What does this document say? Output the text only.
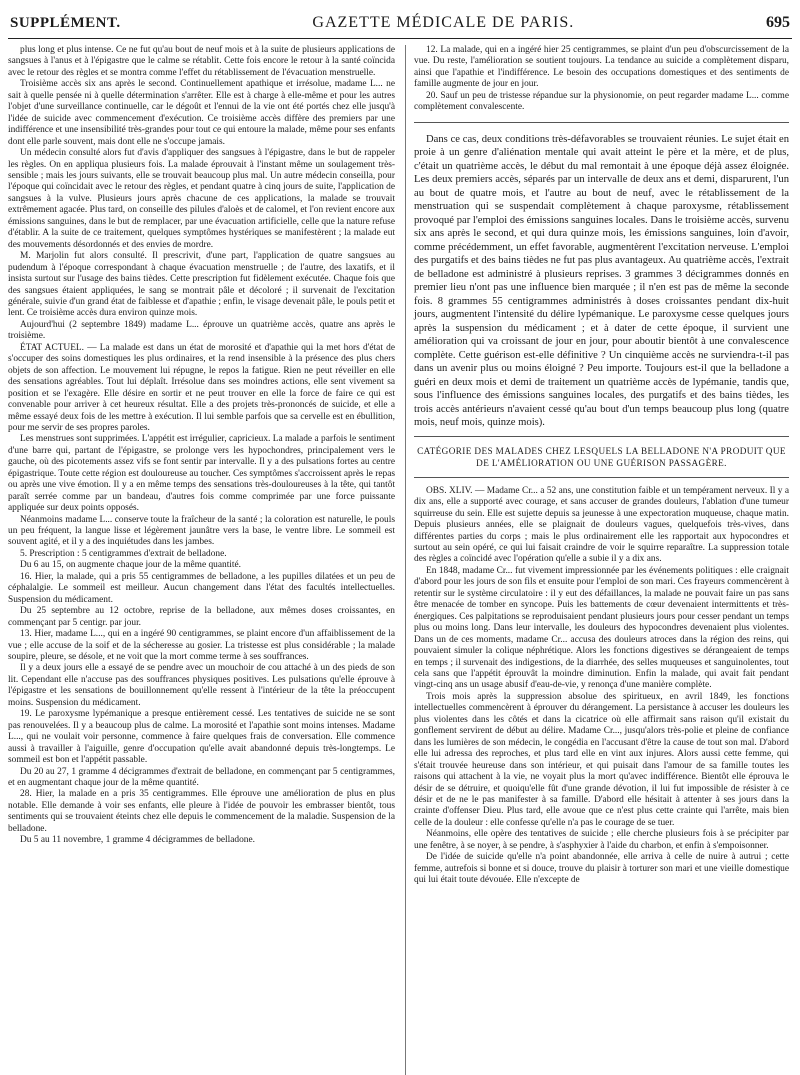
SUPPLÉMENT.	GAZETTE MÉDICALE DE PARIS.	695

plus long et plus intense. Ce ne fut qu'au bout de neuf mois et à la suite de plusieurs applications de sangsues à l'anus et à l'épigastre que le calme se rétablit. Cette fois encore le retour à la santé coïncida avec le retour des règles et se montra comme l'effet du rétablissement de l'évacuation menstruelle.

Troisième accès six ans après le second. Continuellement apathique et irrésolue, madame L... ne sait à quelle pensée ni à quelle détermination s'arrêter. Elle est à charge à elle-même et pour les autres l'objet d'une surveillance continuelle, car le dégoût et l'ennui de la vie ont été portés chez elle jusqu'à l'idée de suicide avec commencement d'exécution. Ce troisième accès diffère des premiers par une indifférence et une insensibilité très-grandes pour tout ce qui entoure la malade, même pour ses enfants dont elle parle souvent, mais dont elle ne s'occupe jamais.

Un médecin consulté alors fut d'avis d'appliquer des sangsues à l'épigastre, dans le but de rappeler les règles. On en appliqua plusieurs fois. La malade éprouvait à l'instant même un soulagement très-sensible ; mais les jours suivants, elle se trouvait beaucoup plus mal. Un autre médecin conseilla, pour l'époque qui coïncidait avec le retour des règles, et pendant quatre à cinq jours de suite, l'application de sangsues à la vulve. Plusieurs jours après chacune de ces applications, la malade se trouvait extrêmement agacée. Plus tard, on conseille des pilules d'aloès et de calomel, et l'on revient encore aux émissions sanguines, dans le but de remplacer, par une évacuation artificielle, celle que la nature refuse d'établir. A la suite de ce traitement, quelques symptômes hystériques se manifestèrent ; la malade eut des mouvements désordonnés et des envies de mordre.

M. Marjolin fut alors consulté. Il prescrivit, d'une part, l'application de quatre sangsues au pudendum à l'époque correspondant à chaque évacuation menstruelle ; de l'autre, des laxatifs, et il insista surtout sur l'usage des bains tièdes. Cette prescription fut fidèlement exécutée. Chaque fois que des sangsues étaient appliquées, le sang se montrait pâle et décoloré ; il survenait de l'excitation générale, suivie d'un grand état de faiblesse et d'apathie ; enfin, le visage devenait pâle, le pouls petit et lent. Ce troisième accès dura environ quinze mois.

Aujourd'hui (2 septembre 1849) madame L... éprouve un quatrième accès, quatre ans après le troisième.

ÉTAT ACTUEL. — La malade est dans un état de morosité et d'apathie qui la met hors d'état de s'occuper des soins domestiques les plus ordinaires, et la rend insensible à la présence des plus chers objets de son affection. Le mouvement lui répugne, le repos la fatigue. Rien ne peut réveiller en elle des sensations agréables. Tout lui déplaît. Irrésolue dans ses moindres actions, elle sent vivement sa position et se l'exagère. Elle désire en sortir et ne peut trouver en elle la force de faire ce qui est convenable pour arriver à cet heureux résultat. Elle a des projets très-prononcés de suicide, et elle a même essayé deux fois de les mettre à exécution. Il lui semble parfois que sa cervelle est en ébullition, pour me servir de ses propres paroles.

Les menstrues sont supprimées. L'appétit est irrégulier, capricieux. La malade a parfois le sentiment d'une barre qui, partant de l'épigastre, se prolonge vers les hypochondres, principalement vers le gauche, où des picotements assez vifs se font sentir par intervalle. Il y a des pulsations fortes au centre épigastrique. Toute cette région est douloureuse au toucher. Ces symptômes s'accroissent après le repas ou après une vive émotion. Il y a en même temps des sensations très-douloureuses à la tête, qui tantôt paraît serrée comme par un bandeau, d'autres fois comme comprimée par une force puissante appliquée sur deux points opposés.

Néanmoins madame L... conserve toute la fraîcheur de la santé ; la coloration est naturelle, le pouls un peu fréquent, la langue lisse et légèrement jaunâtre vers la base, le ventre libre. Le sommeil est souvent agité, et il y a des inquiétudes dans les jambes.

5. Prescription : 5 centigrammes d'extrait de belladone.

Du 6 au 15, on augmente chaque jour de la même quantité.

16. Hier, la malade, qui a pris 55 centigrammes de belladone, a les pupilles dilatées et un peu de céphalalgie. Le sommeil est meilleur. Aucun changement dans l'état des facultés intellectuelles. Suspension du médicament.

Du 25 septembre au 12 octobre, reprise de la belladone, aux mêmes doses croissantes, en commençant par 5 centigr. par jour.

13. Hier, madame L..., qui en a ingéré 90 centigrammes, se plaint encore d'un affaiblissement de la vue ; elle accuse de la soif et de la sécheresse au gosier. La tristesse est plus considérable ; la malade soupire, pleure, se désole, et ne voit que la mort comme terme à ses souffrances.

Il y a deux jours elle a essayé de se pendre avec un mouchoir de cou attaché à un des pieds de son lit. Cependant elle n'accuse pas des souffrances physiques positives. Les pulsations qu'elle éprouve à l'épigastre et les sensations de bouillonnement qu'elle ressent à l'intérieur de la tête la préoccupent moins. Suspension du médicament.

19. Le paroxysme lypémanique a presque entièrement cessé. Les tentatives de suicide ne se sont pas renouvelées. Il y a beaucoup plus de calme. La morosité et l'apathie sont moins intenses. Madame L..., qui ne voulait voir personne, commence à faire quelques frais de conversation. Elle commence aussi à travailler à l'aiguille, genre d'occupation qu'elle avait abandonné depuis très-longtemps. Le sommeil est bon et l'appétit passable.

Du 20 au 27, 1 gramme 4 décigrammes d'extrait de belladone, en commençant par 5 centigrammes, et en augmentant chaque jour de la même quantité.

28. Hier, la malade en a pris 35 centigrammes. Elle éprouve une amélioration de plus en plus notable. Elle demande à voir ses enfants, elle pleure à l'idée de pouvoir les embrasser bientôt, tous sentiments qui se trouvaient éteints chez elle depuis le commencement de la maladie. Suspension de la belladone.

Du 5 au 11 novembre, 1 gramme 4 décigrammes de belladone.

12. La malade, qui en a ingéré hier 25 centigrammes, se plaint d'un peu d'obscurcissement de la vue. Du reste, l'amélioration se soutient toujours. La tendance au suicide a complètement disparu, ainsi que l'apathie et l'indifférence. Le besoin des occupations domestiques et des sentiments de famille augmente de jour en jour.

20. Sauf un peu de tristesse répandue sur la physionomie, on peut regarder madame L... comme complètement convalescente.

Dans ce cas, deux conditions très-défavorables se trouvaient réunies. Le sujet était en proie à un genre d'aliénation mentale qui avait atteint le père et la mère, et de plus, c'était un quatrième accès, le début du mal remontait à une époque déjà assez éloignée. Les deux premiers accès, séparés par un intervalle de deux ans et demi, disparurent, l'un au bout de quatre mois, et l'autre au bout de neuf, avec le rétablissement de la menstruation qui se suspendait complètement à chaque paroxysme, rétablissement provoqué par l'emploi des émissions sanguines locales. Dans le troisième accès, survenu six ans après le second, et qui dura quinze mois, les émissions sanguines, loin d'avoir, comme précédemment, un effet favorable, augmentèrent l'excitation nerveuse. L'emploi des purgatifs et des bains tièdes ne fut pas plus avantageux. Au quatrième accès, l'extrait de belladone est administré à plusieurs reprises. 3 grammes 3 décigrammes donnés en premier lieu n'ont pas une influence bien marquée ; il n'en est pas de même la seconde fois. 8 grammes 55 centigrammes administrés à doses croissantes pendant dix-huit jours, augmentent l'intensité du délire lypémanique. Le paroxysme cesse quelques jours après la suspension du médicament ; et à dater de cette époque, il survient une amélioration qui va croissant de jour en jour, pour aboutir bientôt à une convalescence complète. Cette guérison est-elle définitive ? Un cinquième accès ne surviendra-t-il pas dans un avenir plus ou moins éloigné ? Peu importe. Toujours est-il que la belladone a guéri en deux mois et demi de traitement un quatrième accès de lypémanie, tandis que, sous l'influence des émissions sanguines locales, des purgatifs et des bains tièdes, les trois accès antérieurs n'avaient cessé qu'au bout d'un temps beaucoup plus long (quatre mois, neuf mois, quinze mois).

CATÉGORIE DES MALADES CHEZ LESQUELS LA BELLADONE N'A PRODUIT QUE DE L'AMÉLIORATION OU UNE GUÉRISON PASSAGÈRE.

OBS. XLIV. — Madame Cr... a 52 ans, une constitution faible et un tempérament nerveux. Il y a dix ans, elle a supporté avec courage, et sans accuser de grandes douleurs, l'ablation d'une tumeur squirreuse du sein. Elle est sujette depuis sa jeunesse à une expectoration muqueuse, chaque matin. Depuis plusieurs années, elle se plaignait de douleurs vagues, quelquefois très-vives, dans différentes parties du corps ; mais le plus ordinairement elle les rapportait aux hypocondres et surtout au sein opéré, ce qui lui faisait craindre de voir le squirre reparaître. La suppression totale des règles a coïncidé avec l'opération qu'elle a subie il y a dix ans.

En 1848, madame Cr... fut vivement impressionnée par les événements politiques : elle craignait d'abord pour les jours de son fils et ensuite pour l'emploi de son mari. Ces frayeurs commencèrent à retentir sur le système circulatoire : il y eut des défaillances, la malade ne pouvait faire un pas sans être menacée de tomber en syncope. Puis les battements de cœur devenaient intermittents et très-énergiques. Ces palpitations se reproduisaient pendant plusieurs jours pour cesser pendant un temps plus ou moins long. Dans leur intervalle, les douleurs des hypocondres devenaient plus violentes. Dans un de ces moments, madame Cr... accusa des douleurs atroces dans la région des reins, qui pouvaient simuler la colique néphrétique. Alors les fonctions digestives se dérangeaient de temps en temps ; il survenait des indigestions, de la diarrhée, des selles muqueuses et sanguinolentes, tout cela sans que l'appétit éprouvât la moindre diminution. Enfin la malade, qui avait fait pendant vingt-cinq ans un usage abusif d'eau-de-vie, y renonça d'une manière complète.

Trois mois après la suppression absolue des spiritueux, en avril 1849, les fonctions intellectuelles commencèrent à éprouver du dérangement. La persistance à accuser les douleurs les plus violentes dans les côtés et dans la cicatrice où elle affirmait sans raison qu'il existait du gonflement servirent de début au délire. Madame Cr..., jusqu'alors très-polie et pleine de confiance dans les lumières de son médecin, le congédia en l'accusant d'être la cause de tout son mal. D'abord elle lui adressa des reproches, et plus tard elle en vint aux injures. Alors aussi cette femme, qui s'était trouvée heureuse dans son intérieur, et qui puisait dans l'amour de sa famille toutes les raisons qui attachent à la vie, ne voyait plus la mort qu'avec indifférence. Bientôt elle éprouva le désir de se détruire, et quoiqu'elle fût d'une grande dévotion, il lui fut impossible de résister à ce désir et de ne le pas manifester à sa famille. D'abord elle hésitait à attenter à ses jours dans la crainte d'offenser Dieu. Plus tard, elle avoue que ce n'est plus cette crainte qui l'arrête, mais bien celle de la douleur : elle confesse qu'elle n'a pas le courage de se tuer.

Néanmoins, elle opère des tentatives de suicide ; elle cherche plusieurs fois à se précipiter par une fenêtre, à se noyer, à se pendre, à s'asphyxier à l'aide du charbon, et enfin à s'empoisonner.

De l'idée de suicide qu'elle n'a point abandonnée, elle arriva à celle de nuire à autrui ; cette femme, autrefois si bonne et si douce, trouve du plaisir à torturer son mari et une vieille domestique qui lui était toute dévouée. Elle n'excepte de
